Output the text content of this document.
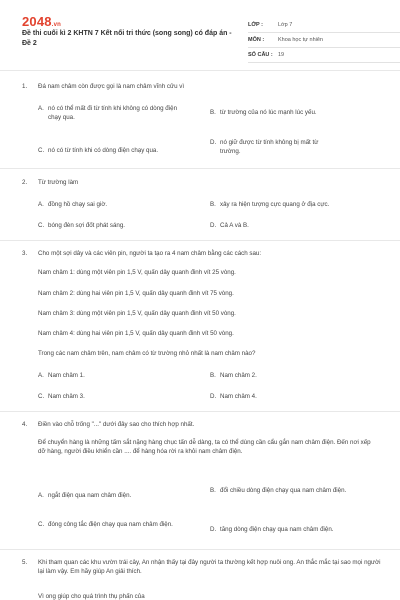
2048.vn
Đề thi cuối kì 2 KHTN 7 Kết nối tri thức (song song) có đáp án - Đề 2
LỚP :	Lớp 7
MÔN :	Khoa học tự nhiên
SỐ CÂU : 19
1.	Đá nam châm còn được gọi là nam châm vĩnh cửu vì
A. nó có thể mất đi từ tính khi không có dòng điện chạy qua.
B. từ trường của nó lúc mạnh lúc yếu.
C. nó có từ tính khi có dòng điện chạy qua.
D. nó giữ được từ tính không bị mất từ trường.
2.	Từ trường làm
A. đồng hồ chạy sai giờ.	B. xảy ra hiện tượng cực quang ở địa cực.
C. bóng đèn sợi đốt phát sáng.	D. Cả A và B.
3.	Cho một sợi dây và các viên pin, người ta tạo ra 4 nam châm bằng các cách sau:
Nam châm 1: dùng một viên pin 1,5 V, quấn dây quanh đinh vít 25 vòng.
Nam châm 2: dùng hai viên pin 1,5 V, quấn dây quanh đinh vít 75 vòng.
Nam châm 3: dùng một viên pin 1,5 V, quấn dây quanh đinh vít 50 vòng.
Nam châm 4: dùng hai viên pin 1,5 V, quấn dây quanh đinh vít 50 vòng.
Trong các nam châm trên, nam châm có từ trường nhỏ nhất là nam châm nào?
A. Nam châm 1.	B. Nam châm 2.
C. Nam châm 3.	D. Nam châm 4.
4.	Điền vào chỗ trống "..." dưới đây sao cho thích hợp nhất.
Để chuyển hàng là những tấm sắt nặng hàng chục tấn dễ dàng, ta có thể dùng cần cẩu gắn nam châm điện. Đến nơi xếp dỡ hàng, người điều khiển cần .... để hàng hóa rời ra khỏi nam châm điện.
A. ngắt điện qua nam châm điện.
B. đổi chiều dòng điện chạy qua nam châm điện.
C. đóng công tắc điện chạy qua nam châm điện.
D. tăng dòng điện chạy qua nam châm điện.
5.	Khi tham quan các khu vườn trái cây, An nhận thấy tại đây người ta thường kết hợp nuôi ong. An thắc mắc tại sao mọi người lại làm vậy. Em hãy giúp An giải thích.
Vì ong giúp cho quá trình thụ phấn của
